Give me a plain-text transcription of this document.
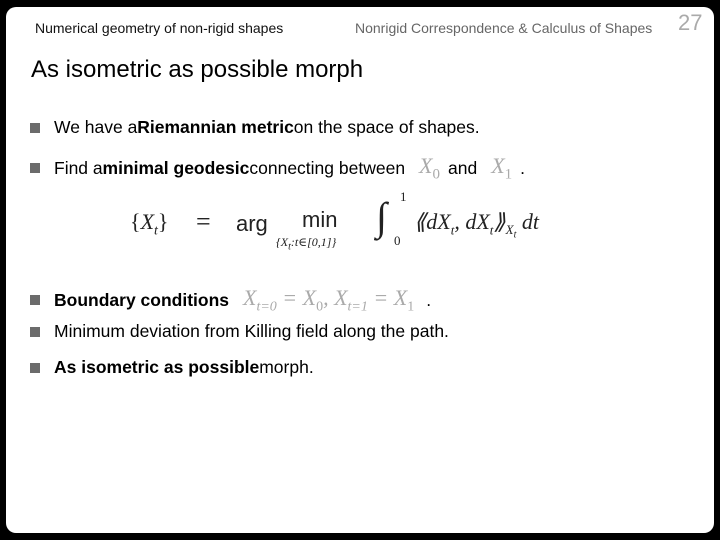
Numerical geometry of non-rigid shapes	Nonrigid Correspondence & Calculus of Shapes 27
As isometric as possible morph
We have a
Riemannian metric on the space of shapes.
Find a
minimal geodesic connecting between $X_0$ and $X_1$ .
$\{X_t\}$ = arg min
$\{X_t:t\in[0,1]\}$
∫ 1
0
$⟪dX_t$, $dX_t⟫_{X_t}$ dt
Boundary conditions $X_{t=0} = X_0$, $X_{t=1} = X_1$ .
Minimum deviation from Killing field along the path.
As isometric as possible morph.
